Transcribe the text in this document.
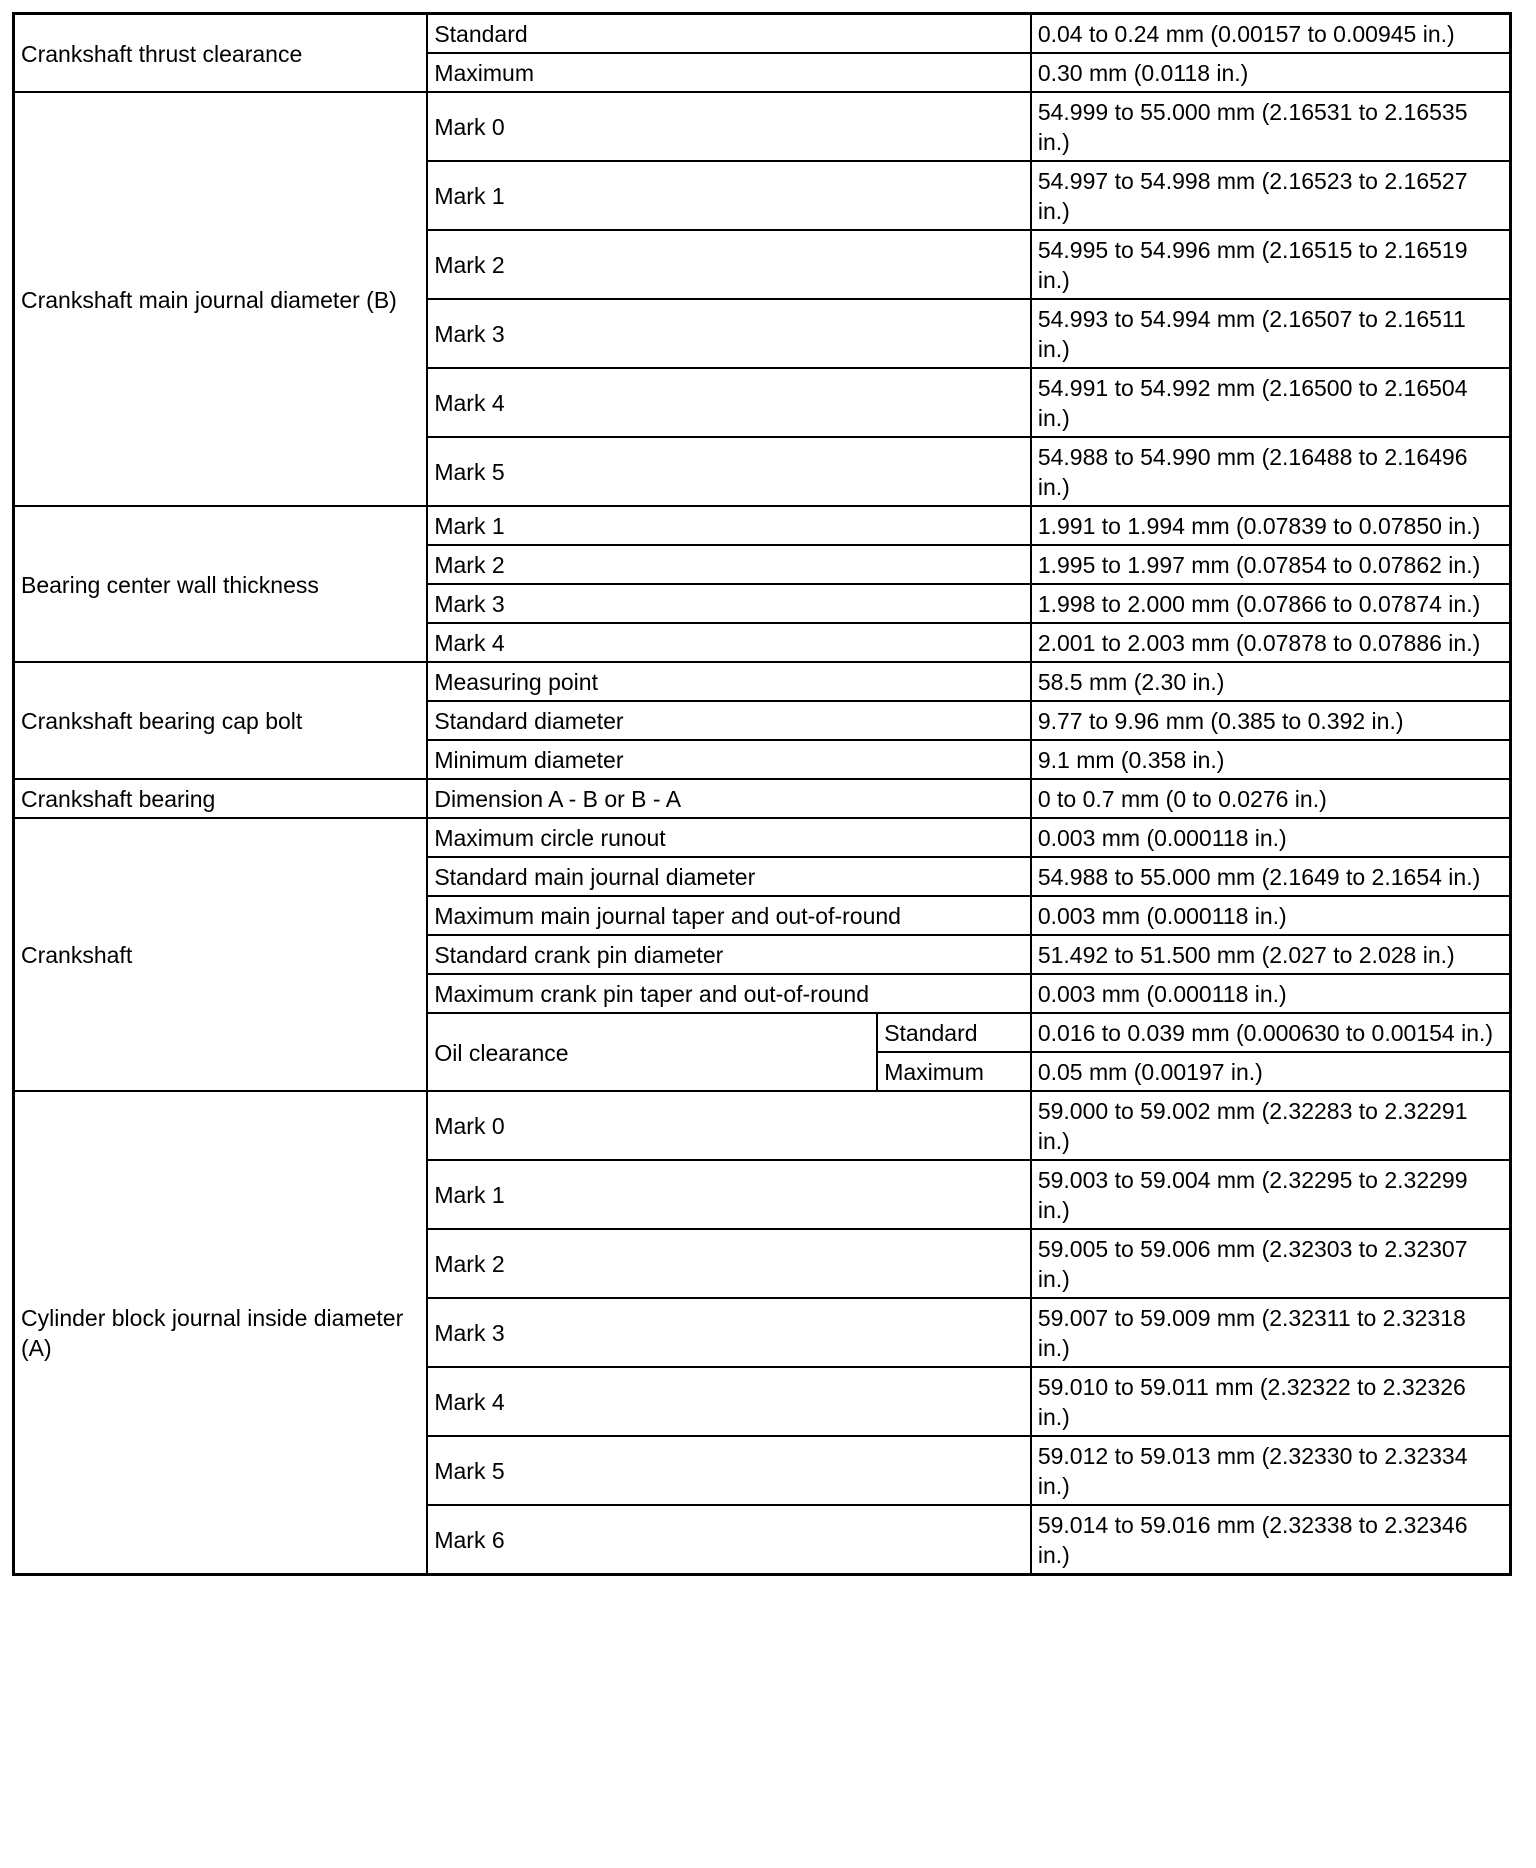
Crankshaft thrust clearance	Standard		0.04 to 0.24 mm (0.00157 to 0.00945 in.)
	Maximum		0.30 mm (0.0118 in.)
Crankshaft main journal diameter (B)	Mark 0		54.999 to 55.000 mm (2.16531 to 2.16535 in.)
	Mark 1		54.997 to 54.998 mm (2.16523 to 2.16527 in.)
	Mark 2		54.995 to 54.996 mm (2.16515 to 2.16519 in.)
	Mark 3		54.993 to 54.994 mm (2.16507 to 2.16511 in.)
	Mark 4		54.991 to 54.992 mm (2.16500 to 2.16504 in.)
	Mark 5		54.988 to 54.990 mm (2.16488 to 2.16496 in.)
Bearing center wall thickness	Mark 1		1.991 to 1.994 mm (0.07839 to 0.07850 in.)
	Mark 2		1.995 to 1.997 mm (0.07854 to 0.07862 in.)
	Mark 3		1.998 to 2.000 mm (0.07866 to 0.07874 in.)
	Mark 4		2.001 to 2.003 mm (0.07878 to 0.07886 in.)
Crankshaft bearing cap bolt	Measuring point		58.5 mm (2.30 in.)
	Standard diameter		9.77 to 9.96 mm (0.385 to 0.392 in.)
	Minimum diameter		9.1 mm (0.358 in.)
Crankshaft bearing	Dimension A - B or B - A		0 to 0.7 mm (0 to 0.0276 in.)
Crankshaft	Maximum circle runout		0.003 mm (0.000118 in.)
	Standard main journal diameter		54.988 to 55.000 mm (2.1649 to 2.1654 in.)
	Maximum main journal taper and out-of-round		0.003 mm (0.000118 in.)
	Standard crank pin diameter		51.492 to 51.500 mm (2.027 to 2.028 in.)
	Maximum crank pin taper and out-of-round		0.003 mm (0.000118 in.)
	Oil clearance	Standard	0.016 to 0.039 mm (0.000630 to 0.00154 in.)
		Maximum	0.05 mm (0.00197 in.)
Cylinder block journal inside diameter (A)	Mark 0		59.000 to 59.002 mm (2.32283 to 2.32291 in.)
	Mark 1		59.003 to 59.004 mm (2.32295 to 2.32299 in.)
	Mark 2		59.005 to 59.006 mm (2.32303 to 2.32307 in.)
	Mark 3		59.007 to 59.009 mm (2.32311 to 2.32318 in.)
	Mark 4		59.010 to 59.011 mm (2.32322 to 2.32326 in.)
	Mark 5		59.012 to 59.013 mm (2.32330 to 2.32334 in.)
	Mark 6		59.014 to 59.016 mm (2.32338 to 2.32346 in.)
